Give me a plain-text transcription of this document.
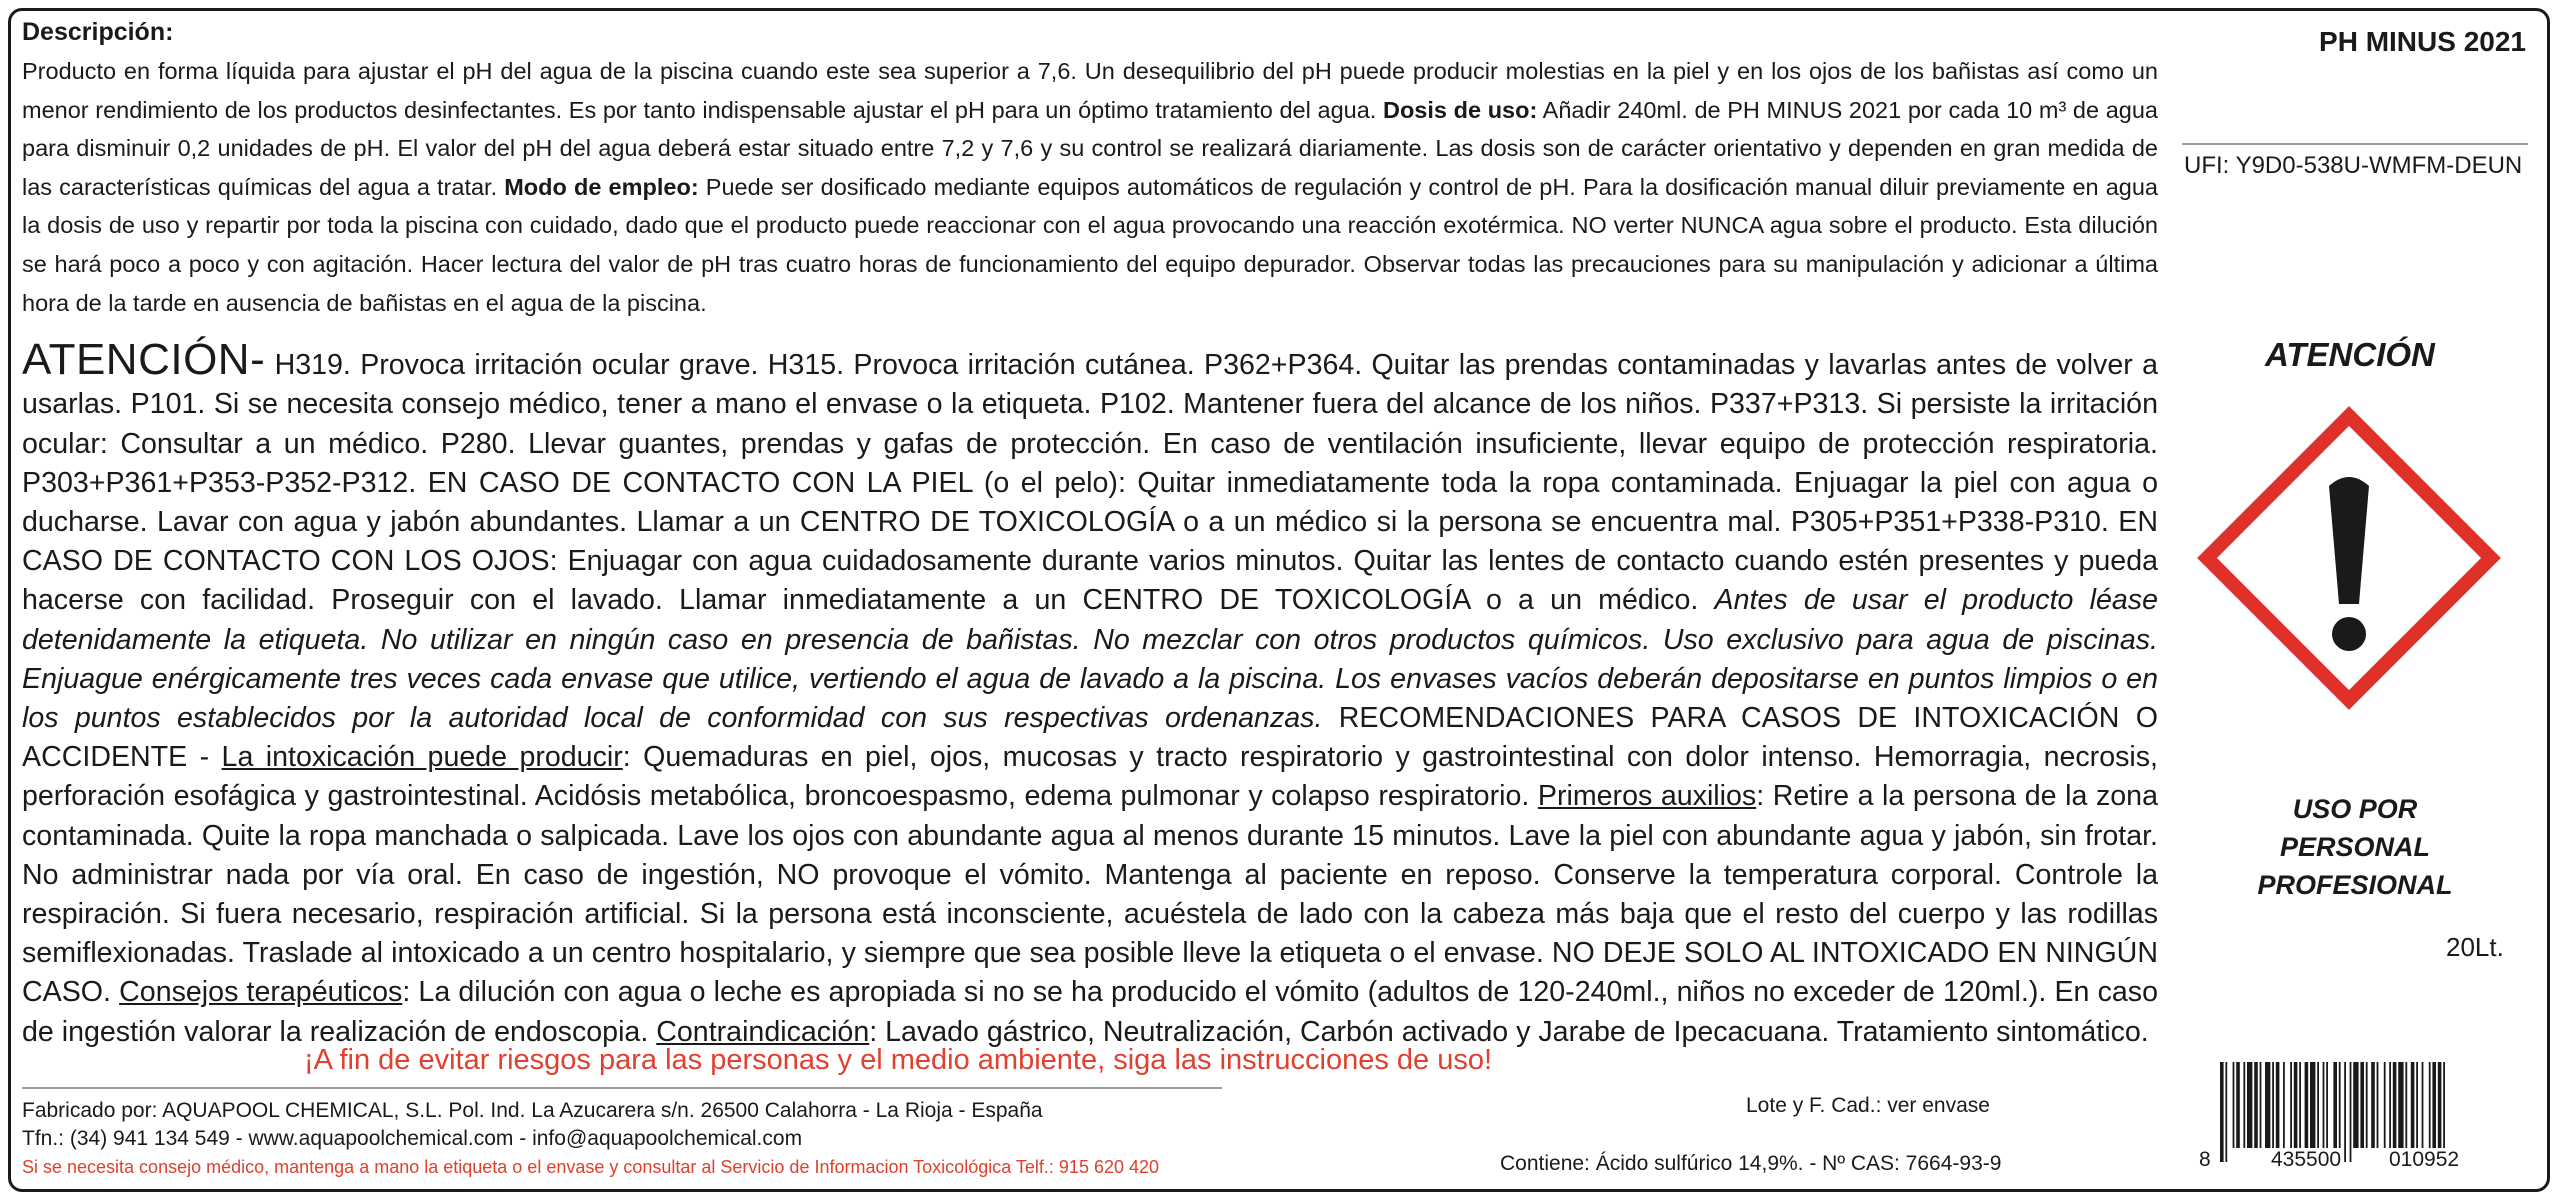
Descripción:

Producto en forma líquida para ajustar el pH del agua de la piscina cuando este sea superior a 7,6. Un desequilibrio del pH puede producir molestias en la piel y en los ojos de los bañistas así como un menor rendimiento de los productos desinfectantes. Es por tanto indispensable ajustar el pH para un óptimo tratamiento del agua. Dosis de uso: Añadir 240ml. de PH MINUS 2021 por cada 10 m³ de agua para disminuir 0,2 unidades de pH. El valor del pH del agua deberá estar situado entre 7,2 y 7,6 y su control se realizará diariamente. Las dosis son de carácter orientativo y dependen en gran medida de las características químicas del agua a tratar. Modo de empleo: Puede ser dosificado mediante equipos automáticos de regulación y control de pH. Para la dosificación manual diluir previamente en agua la dosis de uso y repartir por toda la piscina con cuidado, dado que el producto puede reaccionar con el agua provocando una reacción exotérmica. NO verter NUNCA agua sobre el producto. Esta dilución se hará poco a poco y con agitación. Hacer lectura del valor de pH tras cuatro horas de funcionamiento del equipo depurador. Observar todas las precauciones para su manipulación y adicionar a última hora de la tarde en ausencia de bañistas en el agua de la piscina.

ATENCIÓN- H319. Provoca irritación ocular grave. H315. Provoca irritación cutánea. P362+P364. Quitar las prendas contaminadas y lavarlas antes de volver a usarlas. P101. Si se necesita consejo médico, tener a mano el envase o la etiqueta. P102. Mantener fuera del alcance de los niños. P337+P313. Si persiste la irritación ocular: Consultar a un médico. P280. Llevar guantes, prendas y gafas de protección. En caso de ventilación insuficiente, llevar equipo de protección respiratoria. P303+P361+P353-P352-P312. EN CASO DE CONTACTO CON LA PIEL (o el pelo): Quitar inmediatamente toda la ropa contaminada. Enjuagar la piel con agua o ducharse. Lavar con agua y jabón abundantes. Llamar a un CENTRO DE TOXICOLOGÍA o a un médico si la persona se encuentra mal. P305+P351+P338-P310. EN CASO DE CONTACTO CON LOS OJOS: Enjuagar con agua cuidadosamente durante varios minutos. Quitar las lentes de contacto cuando estén presentes y pueda hacerse con facilidad. Proseguir con el lavado. Llamar inmediatamente a un CENTRO DE TOXICOLOGÍA o a un médico. Antes de usar el producto léase detenidamente la etiqueta. No utilizar en ningún caso en presencia de bañistas. No mezclar con otros productos químicos. Uso exclusivo para agua de piscinas. Enjuague enérgicamente tres veces cada envase que utilice, vertiendo el agua de lavado a la piscina. Los envases vacíos deberán depositarse en puntos limpios o en los puntos establecidos por la autoridad local de conformidad con sus respectivas ordenanzas. RECOMENDACIONES PARA CASOS DE INTOXICACIÓN O ACCIDENTE - La intoxicación puede producir: Quemaduras en piel, ojos, mucosas y tracto respiratorio y gastrointestinal con dolor intenso. Hemorragia, necrosis, perforación esofágica y gastrointestinal. Acidósis metabólica, broncoespasmo, edema pulmonar y colapso respiratorio. Primeros auxilios: Retire a la persona de la zona contaminada. Quite la ropa manchada o salpicada. Lave los ojos con abundante agua al menos durante 15 minutos. Lave la piel con abundante agua y jabón, sin frotar. No administrar nada por vía oral. En caso de ingestión, NO provoque el vómito. Mantenga al paciente en reposo. Conserve la temperatura corporal. Controle la respiración. Si fuera necesario, respiración artificial. Si la persona está inconsciente, acuéstela de lado con la cabeza más baja que el resto del cuerpo y las rodillas semiflexionadas. Traslade al intoxicado a un centro hospitalario, y siempre que sea posible lleve la etiqueta o el envase. NO DEJE SOLO AL INTOXICADO EN NINGÚN CASO. Consejos terapéuticos: La dilución con agua o leche es apropiada si no se ha producido el vómito (adultos de 120-240ml., niños no exceder de 120ml.). En caso de ingestión valorar la realización de endoscopia. Contraindicación: Lavado gástrico, Neutralización, Carbón activado y Jarabe de Ipecacuana. Tratamiento sintomático.

¡A fin de evitar riesgos para las personas y el medio ambiente, siga las instrucciones de uso!
Fabricado por: AQUAPOOL CHEMICAL, S.L. Pol. Ind. La Azucarera s/n. 26500 Calahorra - La Rioja - España
Tfn.: (34) 941 134 549 - www.aquapoolchemical.com - info@aquapoolchemical.com
Si se necesita consejo médico, mantenga a mano la etiqueta o el envase y consultar al Servicio de Informacion Toxicológica Telf.: 915 620 420
Lote y F. Cad.: ver envase
Contiene: Ácido sulfúrico 14,9%. - Nº CAS: 7664-93-9
PH MINUS 2021
UFI: Y9D0-538U-WMFM-DEUN
ATENCIÓN
USO POR
PERSONAL
PROFESIONAL
20Lt.
8	435500 010952
